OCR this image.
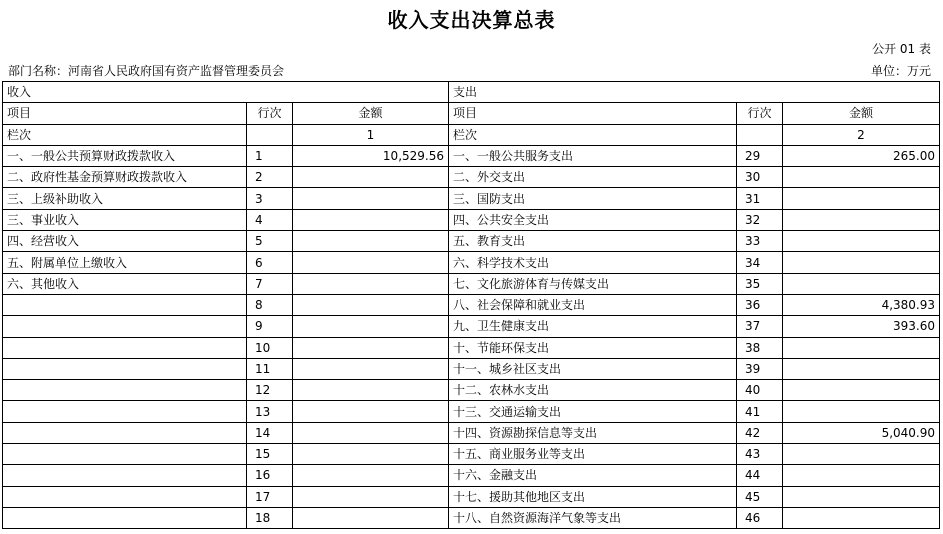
收入支出决算总表
公开 01 表
部门名称：河南省人民政府国有资产监督管理委员会	单位：万元
收入			支出		
项目	行次	金额	项目	行次	金额
栏次		1	栏次		2
一、一般公共预算财政拨款收入	1	10,529.56	一、一般公共服务支出	29	265.00
二、政府性基金预算财政拨款收入	2		二、外交支出	30	
三、上级补助收入	3		三、国防支出	31	
三、事业收入	4		四、公共安全支出	32	
四、经营收入	5		五、教育支出	33	
五、附属单位上缴收入	6		六、科学技术支出	34	
六、其他收入	7		七、文化旅游体育与传媒支出	35	
	8		八、社会保障和就业支出	36	4,380.93
	9		九、卫生健康支出	37	393.60
	10		十、节能环保支出	38	
	11		十一、城乡社区支出	39	
	12		十二、农林水支出	40	
	13		十三、交通运输支出	41	
	14		十四、资源勘探信息等支出	42	5,040.90
	15		十五、商业服务业等支出	43	
	16		十六、金融支出	44	
	17		十七、援助其他地区支出	45	
	18		十八、自然资源海洋气象等支出	46	
